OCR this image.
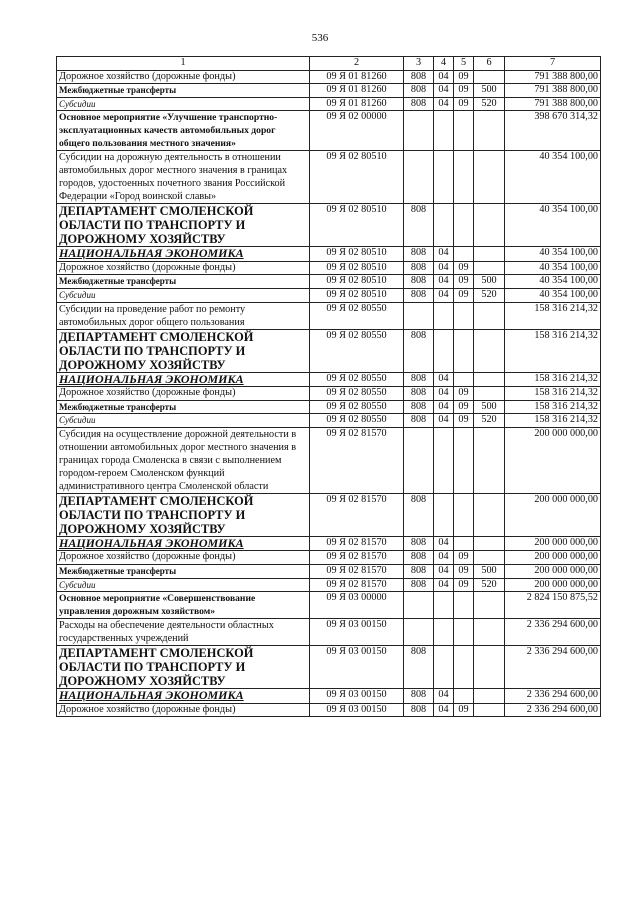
536
1	2	3	4	5	6	7
Дорожное хозяйство (дорожные фонды)	09 Я 01 81260	808	04	09		791 388 800,00
Межбюджетные трансферты	09 Я 01 81260	808	04	09	500	791 388 800,00
Субсидии	09 Я 01 81260	808	04	09	520	791 388 800,00
Основное мероприятие «Улучшение транспортно-эксплуатационных качеств автомобильных дорог общего пользования местного значения»	09 Я 02 00000					398 670 314,32
Субсидии на дорожную деятельность в отношении автомобильных дорог местного значения в границах городов, удостоенных почетного звания Российской Федерации «Город воинской славы»	09 Я 02 80510					40 354 100,00
ДЕПАРТАМЕНТ СМОЛЕНСКОЙ ОБЛАСТИ ПО ТРАНСПОРТУ И ДОРОЖНОМУ ХОЗЯЙСТВУ	09 Я 02 80510	808				40 354 100,00
НАЦИОНАЛЬНАЯ ЭКОНОМИКА	09 Я 02 80510	808	04			40 354 100,00
Дорожное хозяйство (дорожные фонды)	09 Я 02 80510	808	04	09		40 354 100,00
Межбюджетные трансферты	09 Я 02 80510	808	04	09	500	40 354 100,00
Субсидии	09 Я 02 80510	808	04	09	520	40 354 100,00
Субсидии на проведение работ по ремонту автомобильных дорог общего пользования	09 Я 02 80550					158 316 214,32
ДЕПАРТАМЕНТ СМОЛЕНСКОЙ ОБЛАСТИ ПО ТРАНСПОРТУ И ДОРОЖНОМУ ХОЗЯЙСТВУ	09 Я 02 80550	808				158 316 214,32
НАЦИОНАЛЬНАЯ ЭКОНОМИКА	09 Я 02 80550	808	04			158 316 214,32
Дорожное хозяйство (дорожные фонды)	09 Я 02 80550	808	04	09		158 316 214,32
Межбюджетные трансферты	09 Я 02 80550	808	04	09	500	158 316 214,32
Субсидии	09 Я 02 80550	808	04	09	520	158 316 214,32
Субсидия на осуществление дорожной деятельности в отношении автомобильных дорог местного значения в границах города Смоленска в связи с выполнением городом-героем Смоленском функций административного центра Смоленской области	09 Я 02 81570					200 000 000,00
ДЕПАРТАМЕНТ СМОЛЕНСКОЙ ОБЛАСТИ ПО ТРАНСПОРТУ И ДОРОЖНОМУ ХОЗЯЙСТВУ	09 Я 02 81570	808				200 000 000,00
НАЦИОНАЛЬНАЯ ЭКОНОМИКА	09 Я 02 81570	808	04			200 000 000,00
Дорожное хозяйство (дорожные фонды)	09 Я 02 81570	808	04	09		200 000 000,00
Межбюджетные трансферты	09 Я 02 81570	808	04	09	500	200 000 000,00
Субсидии	09 Я 02 81570	808	04	09	520	200 000 000,00
Основное мероприятие «Совершенствование управления дорожным хозяйством»	09 Я 03 00000					2 824 150 875,52
Расходы на обеспечение деятельности областных государственных учреждений	09 Я 03 00150					2 336 294 600,00
ДЕПАРТАМЕНТ СМОЛЕНСКОЙ ОБЛАСТИ ПО ТРАНСПОРТУ И ДОРОЖНОМУ ХОЗЯЙСТВУ	09 Я 03 00150	808				2 336 294 600,00
НАЦИОНАЛЬНАЯ ЭКОНОМИКА	09 Я 03 00150	808	04			2 336 294 600,00
Дорожное хозяйство (дорожные фонды)	09 Я 03 00150	808	04	09		2 336 294 600,00
